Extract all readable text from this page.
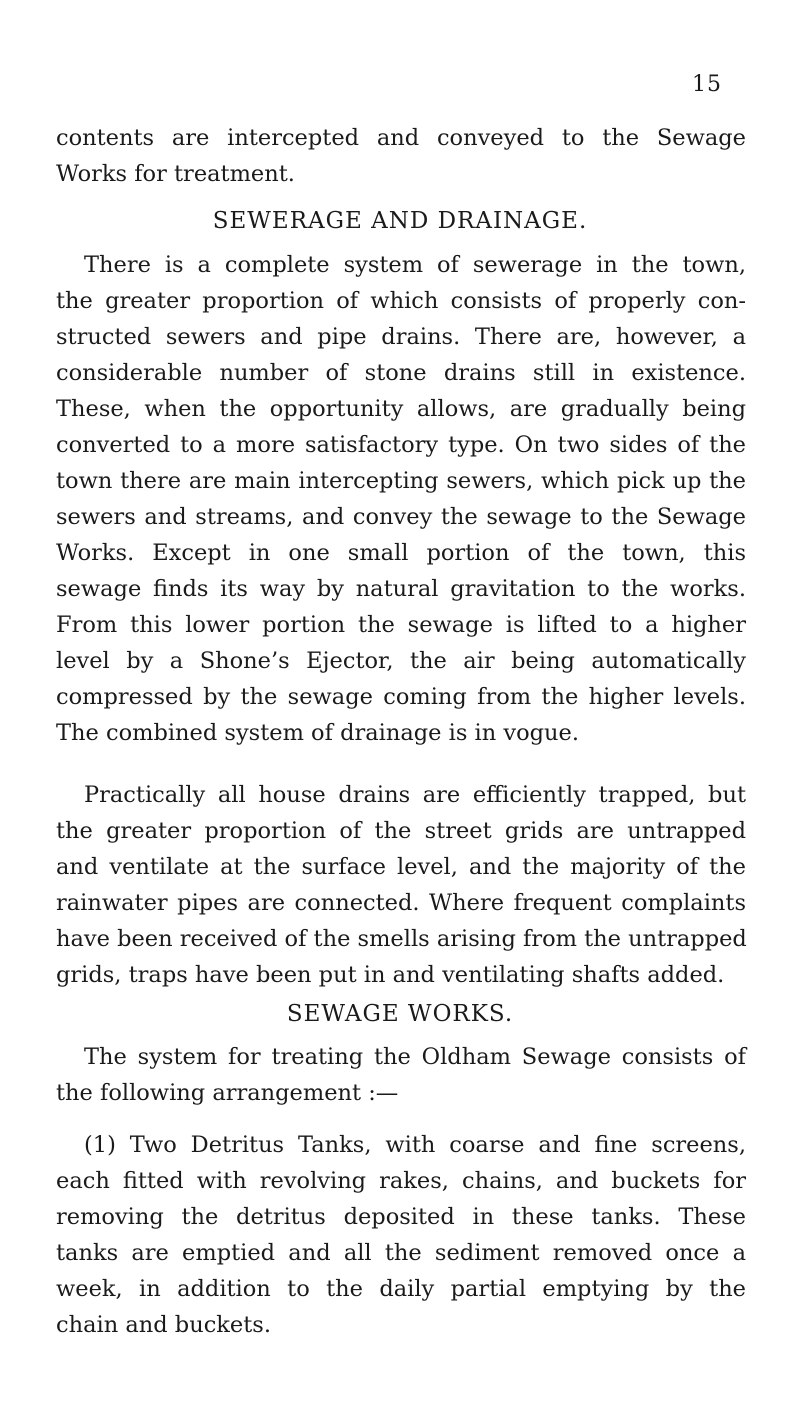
15
contents are intercepted and conveyed to the Sewage
Works for treatment.
SEWERAGE AND DRAINAGE.
There is a complete system of sewerage in the town,
the greater proportion of which consists of properly con-
structed sewers and pipe drains. There are, however, a
considerable number of stone drains still in existence.
These, when the opportunity allows, are gradually being
converted to a more satisfactory type. On two sides of the
town there are main intercepting sewers, which pick up the
sewers and streams, and convey the sewage to the Sewage
Works. Except in one small portion of the town, this
sewage finds its way by natural gravitation to the works.
From this lower portion the sewage is lifted to a higher
level by a Shone’s Ejector, the air being automatically
compressed by the sewage coming from the higher levels.
The combined system of drainage is in vogue.
Practically all house drains are efficiently trapped, but
the greater proportion of the street grids are untrapped
and ventilate at the surface level, and the majority of the
rainwater pipes are connected. Where frequent complaints
have been received of the smells arising from the untrapped
grids, traps have been put in and ventilating shafts added.
SEWAGE WORKS.
The system for treating the Oldham Sewage consists of
the following arrangement :—
(1) Two Detritus Tanks, with coarse and fine screens,
each fitted with revolving rakes, chains, and buckets for
removing the detritus deposited in these tanks. These
tanks are emptied and all the sediment removed once a
week, in addition to the daily partial emptying by the
chain and buckets.
